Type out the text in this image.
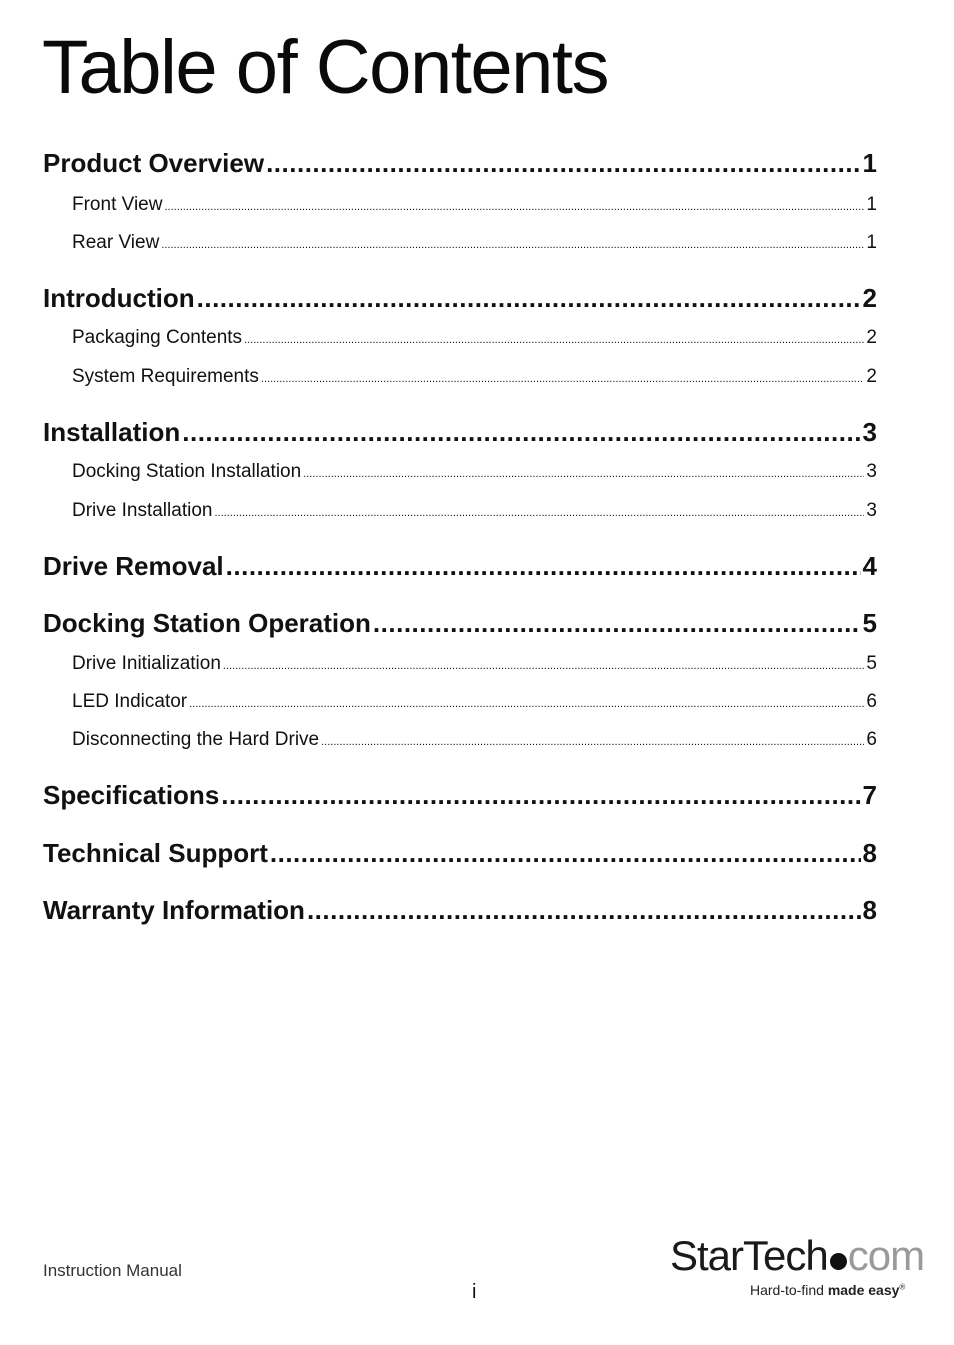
Table of Contents
Product Overview .....	1
Front View .....	1
Rear View .....	1
Introduction .....	2
Packaging Contents .....	2
System Requirements .....	2
Installation .....	3
Docking Station Installation .....	3
Drive Installation .....	3
Drive Removal .....	4
Docking Station Operation .....	5
Drive Initialization .....	5
LED Indicator .....	6
Disconnecting the Hard Drive .....	6
Specifications .....	7
Technical Support .....	8
Warranty Information .....	8
Instruction Manual
i
StarTech com
Hard-to-find made easy®
